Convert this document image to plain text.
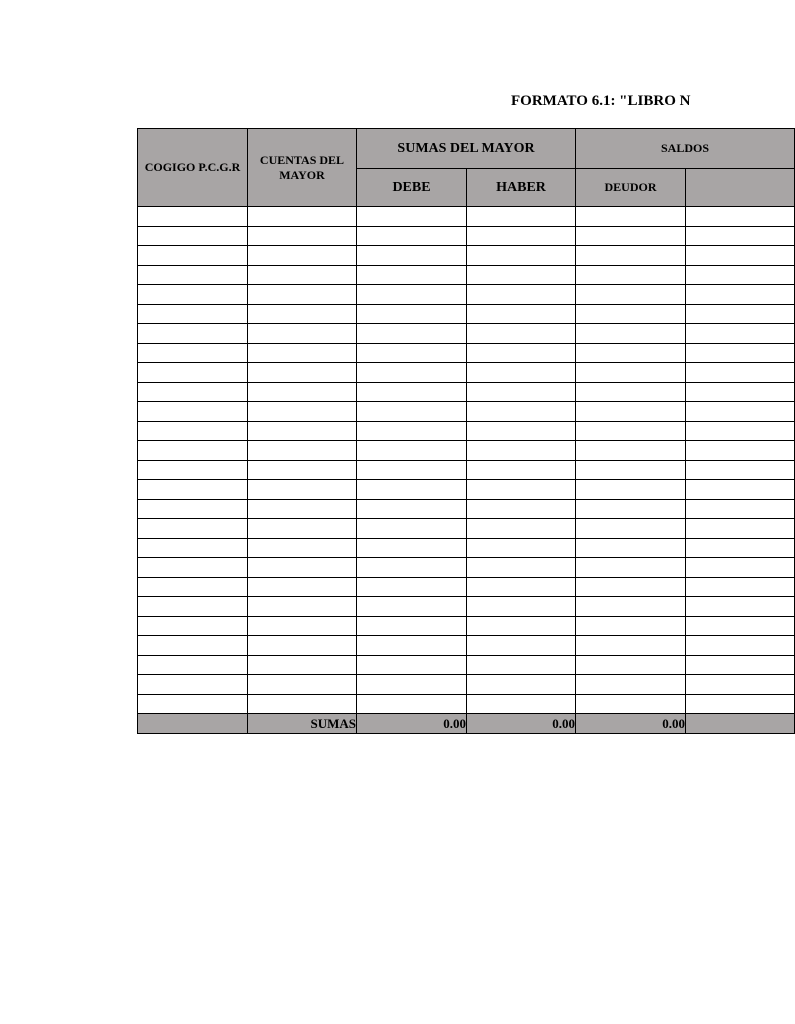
FORMATO 6.1: "LIBRO N
COGIGO P.C.G.R	CUENTAS DEL MAYOR	SUMAS DEL MAYOR		SALDOS	
		DEBE	HABER	DEUDOR	

	SUMAS	0.00	0.00	0.00	
